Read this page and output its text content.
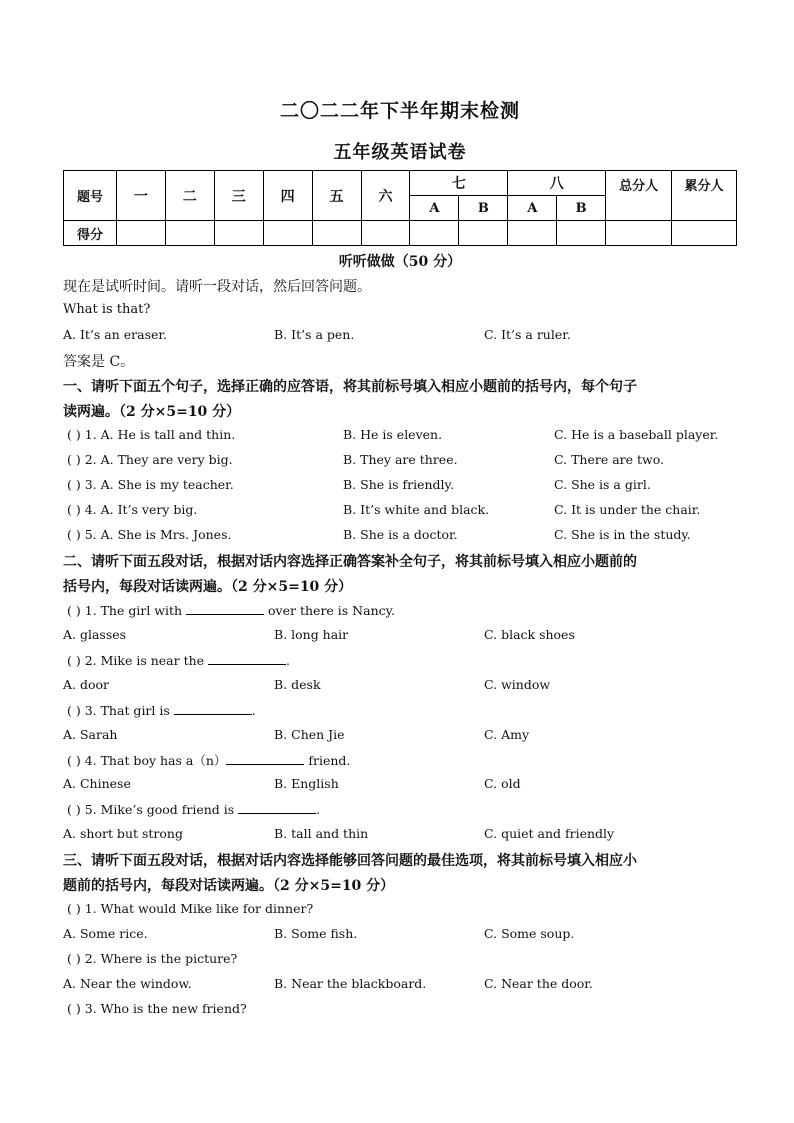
二〇二二年下半年期末检测
五年级英语试卷
题号	一	二	三	四	五	六	七		八		总分人	累分人
							A	B	A	B		
得分												
听听做做（50 分）
现在是试听时间。请听一段对话，然后回答问题。
What is that?
A. It’s an eraser.	B. It’s a pen.	C. It’s a ruler.
答案是 C。
一、请听下面五个句子，选择正确的应答语，将其前标号填入相应小题前的括号内，每个句子
读两遍。（2 分×5=10 分）
( ) 1. A. He is tall and thin.	B. He is eleven.	C. He is a baseball player.
( ) 2. A. They are very big.	B. They are three.	C. There are two.
( ) 3. A. She is my teacher.	B. She is friendly.	C. She is a girl.
( ) 4. A. It’s very big.	B. It’s white and black.	C. It is under the chair.
( ) 5. A. She is Mrs. Jones.	B. She is a doctor.	C. She is in the study.
二、请听下面五段对话，根据对话内容选择正确答案补全句子，将其前标号填入相应小题前的
括号内，每段对话读两遍。（2 分×5=10 分）
( ) 1. The girl with	over there is Nancy.
A. glasses	B. long hair	C. black shoes
( ) 2. Mike is near the	.
A. door	B. desk	C. window
( ) 3. That girl is	.
A. Sarah	B. Chen Jie	C. Amy
( ) 4. That boy has a（n）	friend.
A. Chinese	B. English	C. old
( ) 5. Mike’s good friend is	.
A. short but strong	B. tall and thin	C. quiet and friendly
三、请听下面五段对话，根据对话内容选择能够回答问题的最佳选项，将其前标号填入相应小
题前的括号内，每段对话读两遍。（2 分×5=10 分）
( ) 1. What would Mike like for dinner?
A. Some rice.	B. Some fish.	C. Some soup.
( ) 2. Where is the picture?
A. Near the window.	B. Near the blackboard.	C. Near the door.
( ) 3. Who is the new friend?
